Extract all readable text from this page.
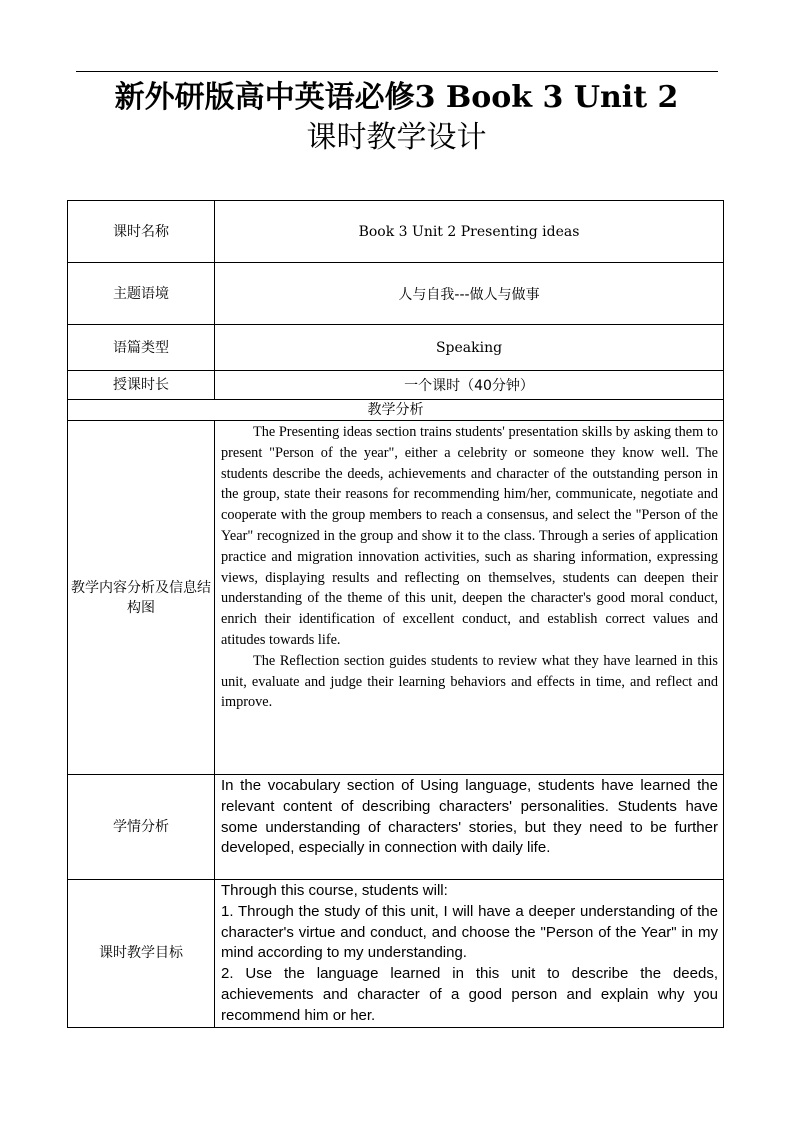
新外研版高中英语必修3 Book 3 Unit 2
课时教学设计
课时名称	Book 3 Unit 2 Presenting ideas
主题语境	人与自我---做人与做事
语篇类型	Speaking
授课时长	一个课时（40分钟）
教学分析	
教学内容分析及信息结构图	The Presenting ideas section trains students' presentation skills by asking them to present "Person of the year", either a celebrity or someone they know well. The students describe the deeds, achievements and character of the outstanding person in the group, state their reasons for recommending him/her, communicate, negotiate and cooperate with the group members to reach a consensus, and select the "Person of the Year" recognized in the group and show it to the class. Through a series of application practice and migration innovation activities, such as sharing information, expressing views, displaying results and reflecting on themselves, students can deepen their understanding of the theme of this unit, deepen the character's good moral conduct, enrich their identification of excellent conduct, and establish correct values and atitudes towards life.

The Reflection section guides students to review what they have learned in this unit, evaluate and judge their learning behaviors and effects in time, and reflect and improve.

学情分析	In the vocabulary section of Using language, students have learned the relevant content of describing characters' personalities. Students have some understanding of characters' stories, but they need to be further developed, especially in connection with daily life.

课时教学目标	Through this course, students will:

1. Through the study of this unit, I will have a deeper understanding of the character's virtue and conduct, and choose the "Person of the Year" in my mind according to my understanding.

2. Use the language learned in this unit to describe the deeds, achievements and character of a good person and explain why you recommend him or her.
